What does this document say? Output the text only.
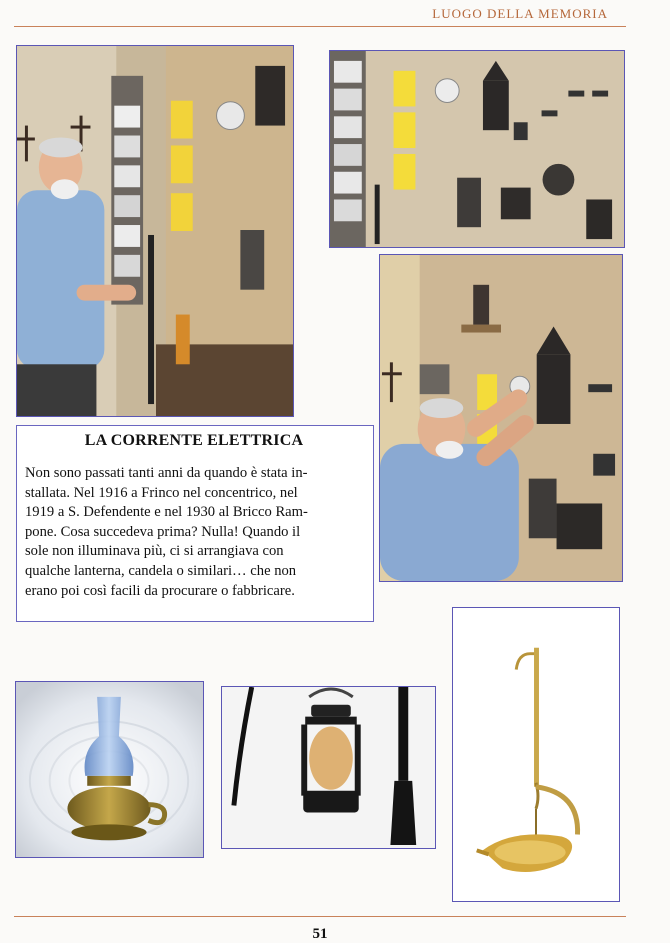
LUOGO DELLA MEMORIA
LA CORRENTE ELETTRICA

Non sono passati tanti anni da quando è stata in-
stallata. Nel 1916 a Frinco nel concentrico, nel
1919 a S. Defendente e nel 1930 al Bricco Ram-
pone. Cosa succedeva prima? Nulla! Quando il
sole non illuminava più, ci si arrangiava con
qualche lanterna, candela o similari… che non
erano poi così facili da procurare o fabbricare.

51
